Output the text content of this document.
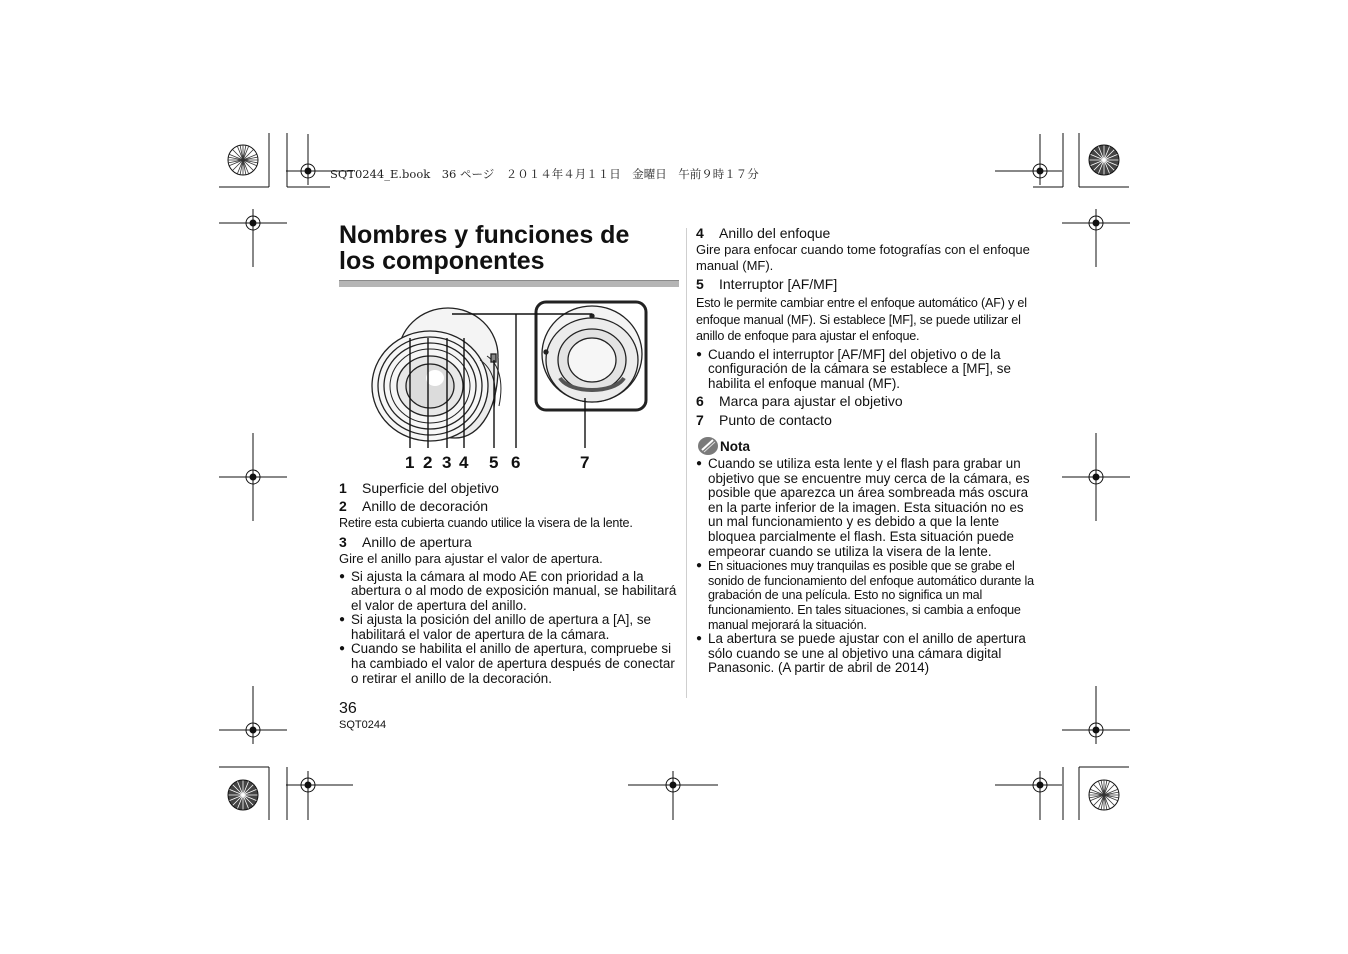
SQT0244_E.book　36 ページ　２０１４年４月１１日　金曜日　午前９時１７分
Nombres y funciones de los componentes
1 2 3 4 5 6	7
1	Superficie del objetivo
2	Anillo de decoración
Retire esta cubierta cuando utilice la visera de la lente.
3	Anillo de apertura
Gire el anillo para ajustar el valor de apertura.
● Si ajusta la cámara al modo AE con prioridad a la abertura o al modo de exposición manual, se habilitará el valor de apertura del anillo.
● Si ajusta la posición del anillo de apertura a [A], se habilitará el valor de apertura de la cámara.
● Cuando se habilita el anillo de apertura, compruebe si ha cambiado el valor de apertura después de conectar o retirar el anillo de la decoración.
4	Anillo del enfoque
Gire para enfocar cuando tome fotografías con el enfoque manual (MF).
5	Interruptor [AF/MF]
Esto le permite cambiar entre el enfoque automático (AF) y el enfoque manual (MF). Si establece [MF], se puede utilizar el anillo de enfoque para ajustar el enfoque.
● Cuando el interruptor [AF/MF] del objetivo o de la configuración de la cámara se establece a [MF], se habilita el enfoque manual (MF).
6	Marca para ajustar el objetivo
7	Punto de contacto
Nota
● Cuando se utiliza esta lente y el flash para grabar un objetivo que se encuentre muy cerca de la cámara, es posible que aparezca un área sombreada más oscura en la parte inferior de la imagen. Esta situación no es un mal funcionamiento y es debido a que la lente bloquea parcialmente el flash. Esta situación puede empeorar cuando se utiliza la visera de la lente.
● En situaciones muy tranquilas es posible que se grabe el sonido de funcionamiento del enfoque automático durante la grabación de una película. Esto no significa un mal funcionamiento. En tales situaciones, si cambia a enfoque manual mejorará la situación.
● La abertura se puede ajustar con el anillo de apertura sólo cuando se une al objetivo una cámara digital Panasonic. (A partir de abril de 2014)
36
SQT0244
